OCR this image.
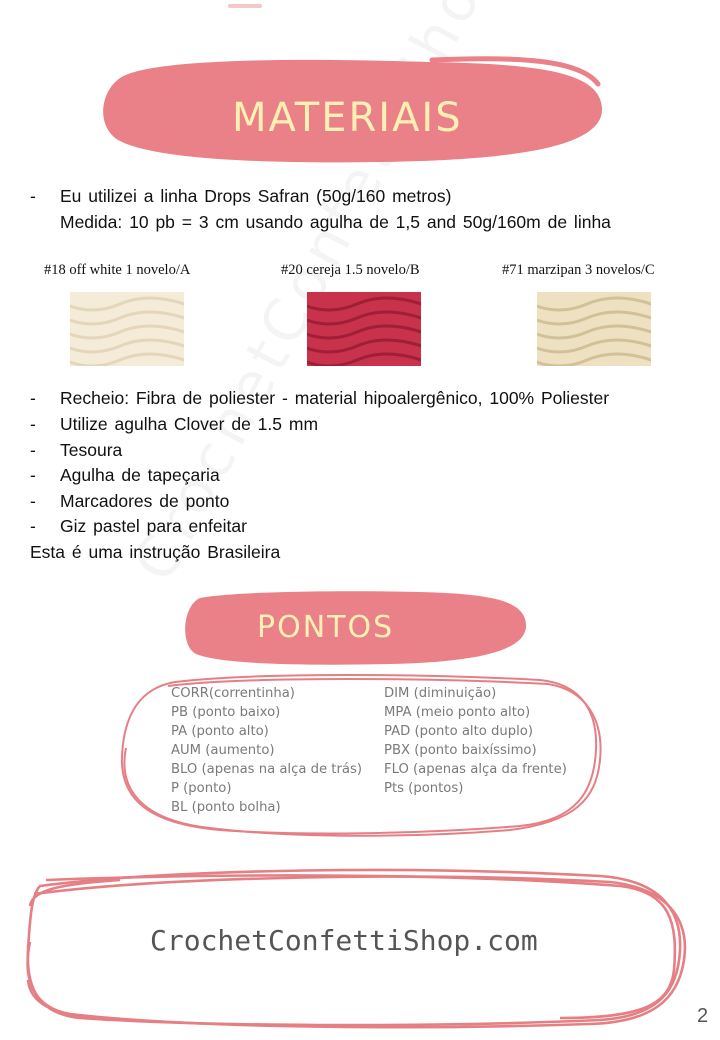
MATERIAIS
- Eu utilizei a linha Drops Safran (50g/160 metros)
Medida: 10 pb = 3 cm usando agulha de 1,5 and 50g/160m de linha
#18 off white 1 novelo/A	#20 cereja 1.5 novelo/B	#71 marzipan 3 novelos/C
- Recheio: Fibra de poliester - material hipoalergênico, 100% Poliester
- Utilize agulha Clover de 1.5 mm
- Tesoura
- Agulha de tapeçaria
- Marcadores de ponto
- Giz pastel para enfeitar
Esta é uma instrução Brasileira
PONTOS
CORR(correntinha)
PB (ponto baixo)
PA (ponto alto)
AUM (aumento)
BLO (apenas na alça de trás)
P (ponto)
BL (ponto bolha)
DIM (diminuição)
MPA (meio ponto alto)
PAD (ponto alto duplo)
PBX (ponto baixíssimo)
FLO (apenas alça da frente)
Pts (pontos)
CrochetConfettiShop.com
2
